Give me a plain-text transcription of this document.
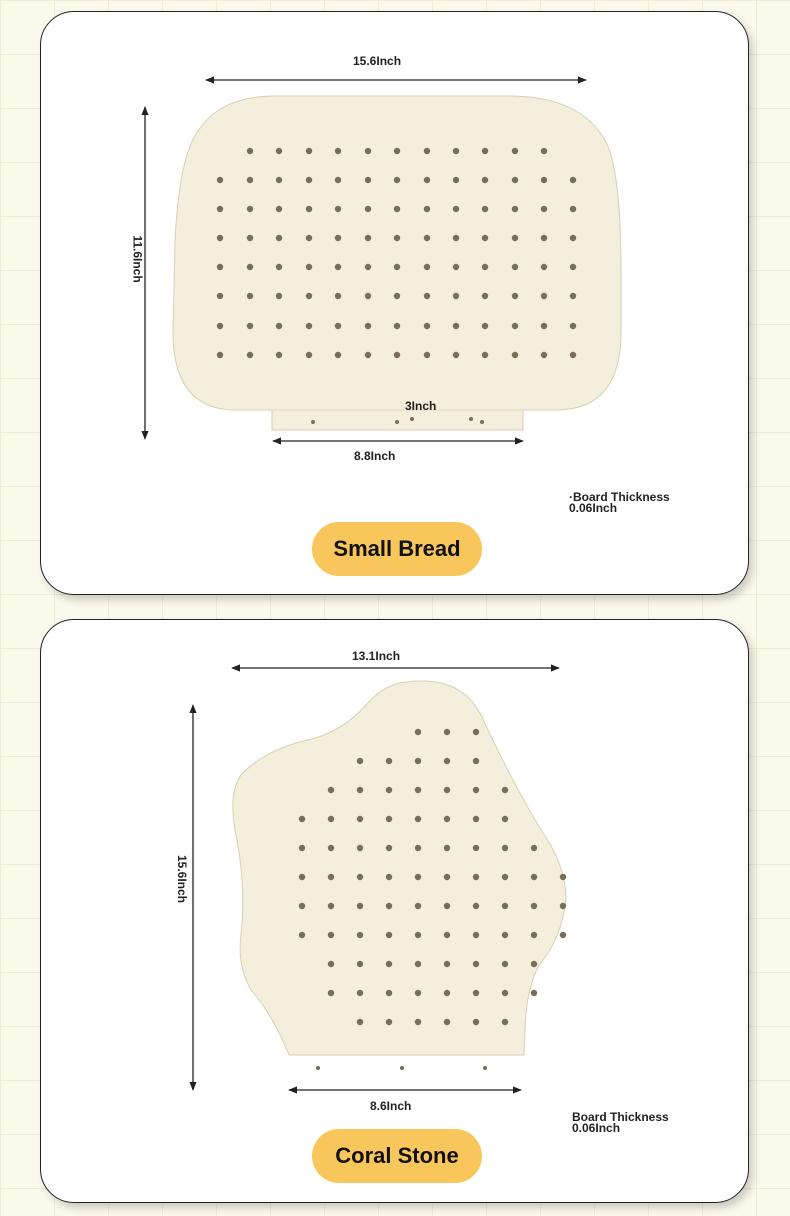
15.6Inch
11.6Inch
3Inch
8.8Inch
·Board Thickness
0.06Inch
Small Bread
13.1Inch
15.6Inch
8.6Inch
Board Thickness
0.06Inch
Coral Stone
